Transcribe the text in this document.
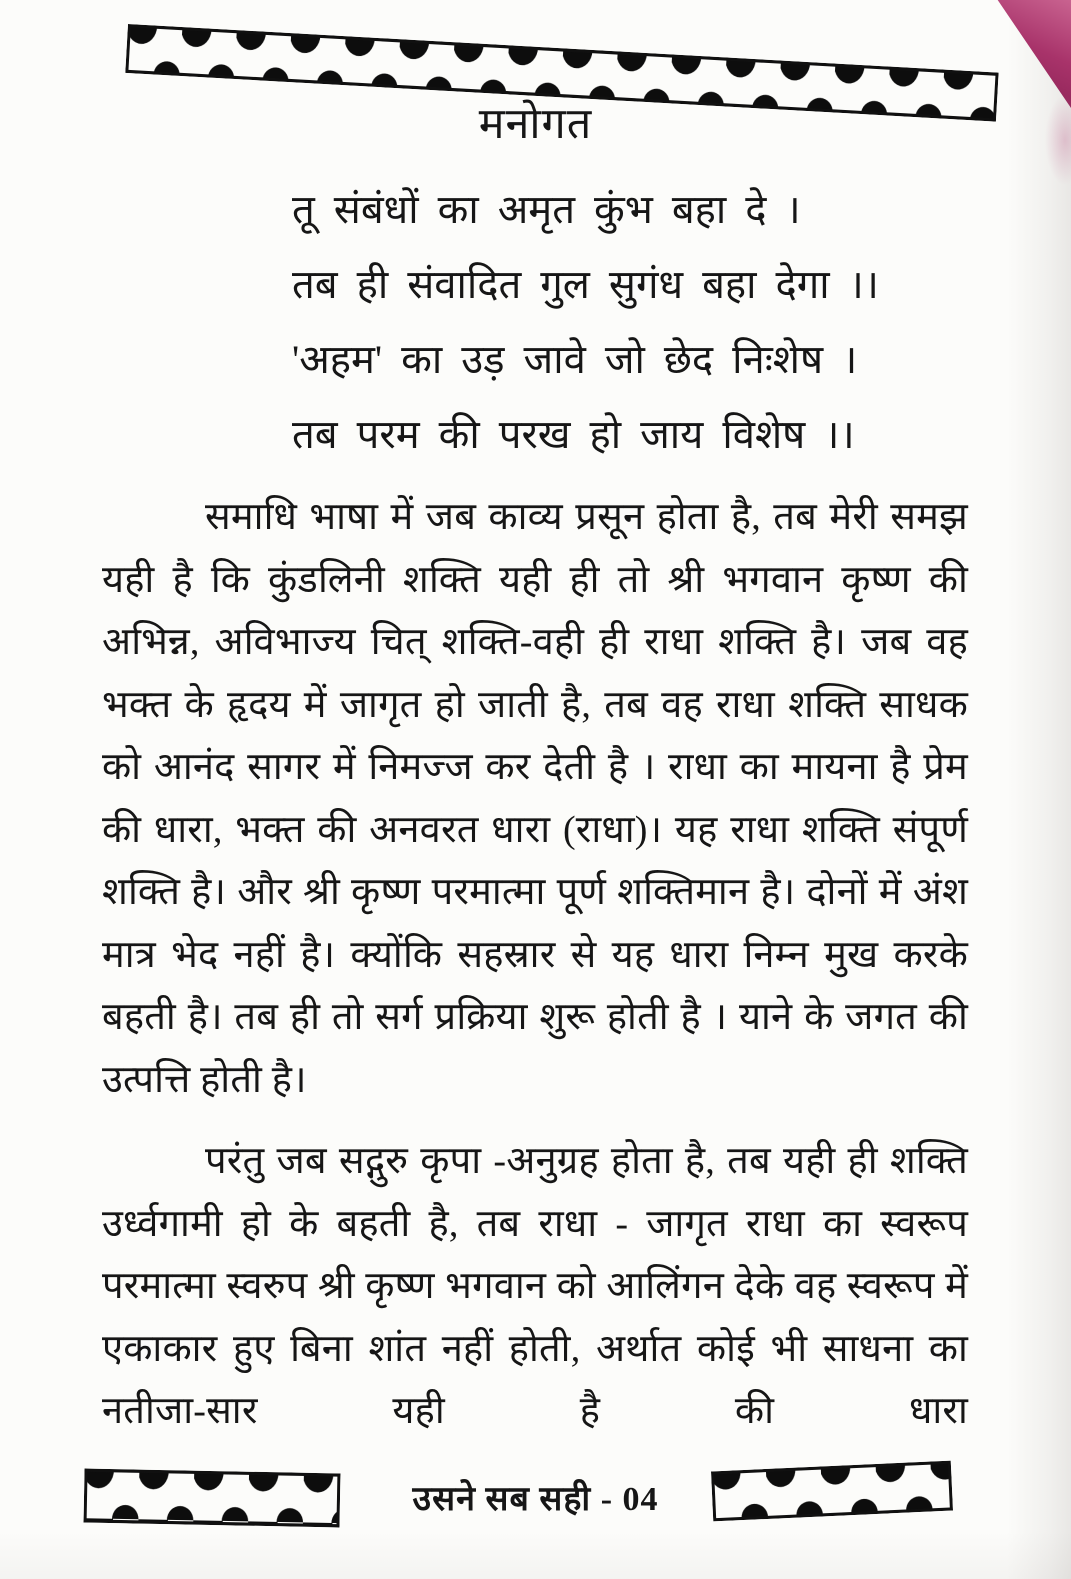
मनोगत
तू संबंधों का अमृत कुंभ बहा दे ।
तब ही संवादित गुल सुगंध बहा देगा ।।
'अहम' का उड़ जावे जो छेद निःशेष ।
तब परम की परख हो जाय विशेष ।।

समाधि भाषा में जब काव्य प्रसून होता है, तब मेरी समझ यही है कि कुंडलिनी शक्ति यही ही तो श्री भगवान कृष्ण की अभिन्न, अविभाज्य चित् शक्ति-वही ही राधा शक्ति है। जब वह भक्त के हृदय में जागृत हो जाती है, तब वह राधा शक्ति साधक को आनंद सागर में निमज्ज कर देती है । राधा का मायना है प्रेम की धारा, भक्त की अनवरत धारा (राधा)। यह राधा शक्ति संपूर्ण शक्ति है। और श्री कृष्ण परमात्मा पूर्ण शक्तिमान है। दोनों में अंश मात्र भेद नहीं है। क्योंकि सहस्रार से यह धारा निम्न मुख करके बहती है। तब ही तो सर्ग प्रक्रिया शुरू होती है । याने के जगत की उत्पत्ति होती है।

परंतु जब सद्गुरु कृपा -अनुग्रह होता है, तब यही ही शक्ति उर्ध्वगामी हो के बहती है, तब राधा - जागृत राधा का स्वरूप परमात्मा स्वरुप श्री कृष्ण भगवान को आलिंगन देके वह स्वरूप में एकाकार हुए बिना शांत नहीं होती, अर्थात कोई भी साधना का नतीजा-सार यही है की धारा

उसने सब सही - 04
